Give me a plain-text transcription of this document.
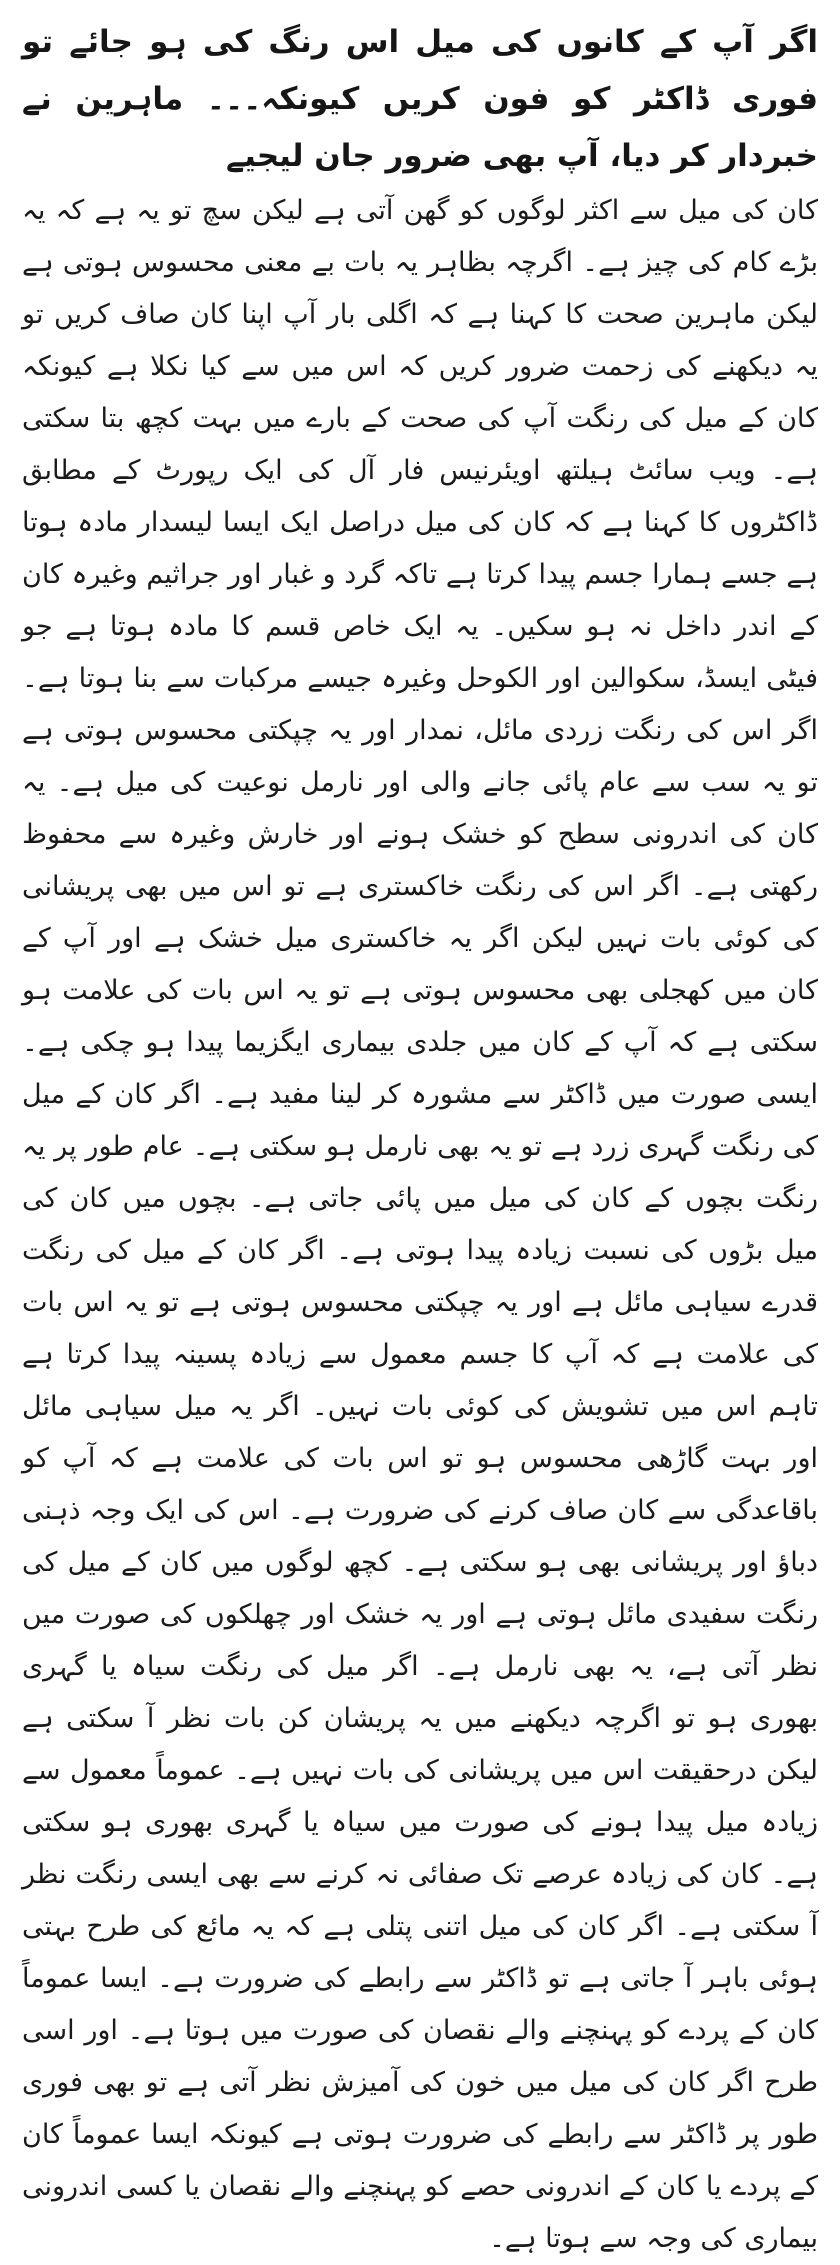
اگر آپ کے کانوں کی میل اس رنگ کی ہو جائے تو فوری ڈاکٹر کو فون کریں کیونکہ۔۔۔ ماہرین نے خبردار کر دیا، آپ بھی ضرور جان لیجیے

کان کی میل سے اکثر لوگوں کو گھن آتی ہے لیکن سچ تو یہ ہے کہ یہ بڑے کام کی چیز ہے۔ اگرچہ بظاہر یہ بات بے معنی محسوس ہوتی ہے لیکن ماہرین صحت کا کہنا ہے کہ اگلی بار آپ اپنا کان صاف کریں تو یہ دیکھنے کی زحمت ضرور کریں کہ اس میں سے کیا نکلا ہے کیونکہ کان کے میل کی رنگت آپ کی صحت کے بارے میں بہت کچھ بتا سکتی ہے۔ ویب سائٹ ہیلتھ اویئرنیس فار آل کی ایک رپورٹ کے مطابق ڈاکٹروں کا کہنا ہے کہ کان کی میل دراصل ایک ایسا لیسدار مادہ ہوتا ہے جسے ہمارا جسم پیدا کرتا ہے تاکہ گرد و غبار اور جراثیم وغیرہ کان کے اندر داخل نہ ہو سکیں۔ یہ ایک خاص قسم کا مادہ ہوتا ہے جو فیٹی ایسڈ، سکوالین اور الکوحل وغیرہ جیسے مرکبات سے بنا ہوتا ہے۔ اگر اس کی رنگت زردی مائل، نمدار اور یہ چپکتی محسوس ہوتی ہے تو یہ سب سے عام پائی جانے والی اور نارمل نوعیت کی میل ہے۔ یہ کان کی اندرونی سطح کو خشک ہونے اور خارش وغیرہ سے محفوظ رکھتی ہے۔ اگر اس کی رنگت خاکستری ہے تو اس میں بھی پریشانی کی کوئی بات نہیں لیکن اگر یہ خاکستری میل خشک ہے اور آپ کے کان میں کھجلی بھی محسوس ہوتی ہے تو یہ اس بات کی علامت ہو سکتی ہے کہ آپ کے کان میں جلدی بیماری ایگزیما پیدا ہو چکی ہے۔ ایسی صورت میں ڈاکٹر سے مشورہ کر لینا مفید ہے۔ اگر کان کے میل کی رنگت گہری زرد ہے تو یہ بھی نارمل ہو سکتی ہے۔ عام طور پر یہ رنگت بچوں کے کان کی میل میں پائی جاتی ہے۔ بچوں میں کان کی میل بڑوں کی نسبت زیادہ پیدا ہوتی ہے۔ اگر کان کے میل کی رنگت قدرے سیاہی مائل ہے اور یہ چپکتی محسوس ہوتی ہے تو یہ اس بات کی علامت ہے کہ آپ کا جسم معمول سے زیادہ پسینہ پیدا کرتا ہے تاہم اس میں تشویش کی کوئی بات نہیں۔ اگر یہ میل سیاہی مائل اور بہت گاڑھی محسوس ہو تو اس بات کی علامت ہے کہ آپ کو باقاعدگی سے کان صاف کرنے کی ضرورت ہے۔ اس کی ایک وجہ ذہنی دباؤ اور پریشانی بھی ہو سکتی ہے۔ کچھ لوگوں میں کان کے میل کی رنگت سفیدی مائل ہوتی ہے اور یہ خشک اور چھلکوں کی صورت میں نظر آتی ہے، یہ بھی نارمل ہے۔ اگر میل کی رنگت سیاہ یا گہری بھوری ہو تو اگرچہ دیکھنے میں یہ پریشان کن بات نظر آ سکتی ہے لیکن درحقیقت اس میں پریشانی کی بات نہیں ہے۔ عموماً معمول سے زیادہ میل پیدا ہونے کی صورت میں سیاہ یا گہری بھوری ہو سکتی ہے۔ کان کی زیادہ عرصے تک صفائی نہ کرنے سے بھی ایسی رنگت نظر آ سکتی ہے۔ اگر کان کی میل اتنی پتلی ہے کہ یہ مائع کی طرح بہتی ہوئی باہر آ جاتی ہے تو ڈاکٹر سے رابطے کی ضرورت ہے۔ ایسا عموماً کان کے پردے کو پہنچنے والے نقصان کی صورت میں ہوتا ہے۔ اور اسی طرح اگر کان کی میل میں خون کی آمیزش نظر آتی ہے تو بھی فوری طور پر ڈاکٹر سے رابطے کی ضرورت ہوتی ہے کیونکہ ایسا عموماً کان کے پردے یا کان کے اندرونی حصے کو پہنچنے والے نقصان یا کسی اندرونی بیماری کی وجہ سے ہوتا ہے۔
